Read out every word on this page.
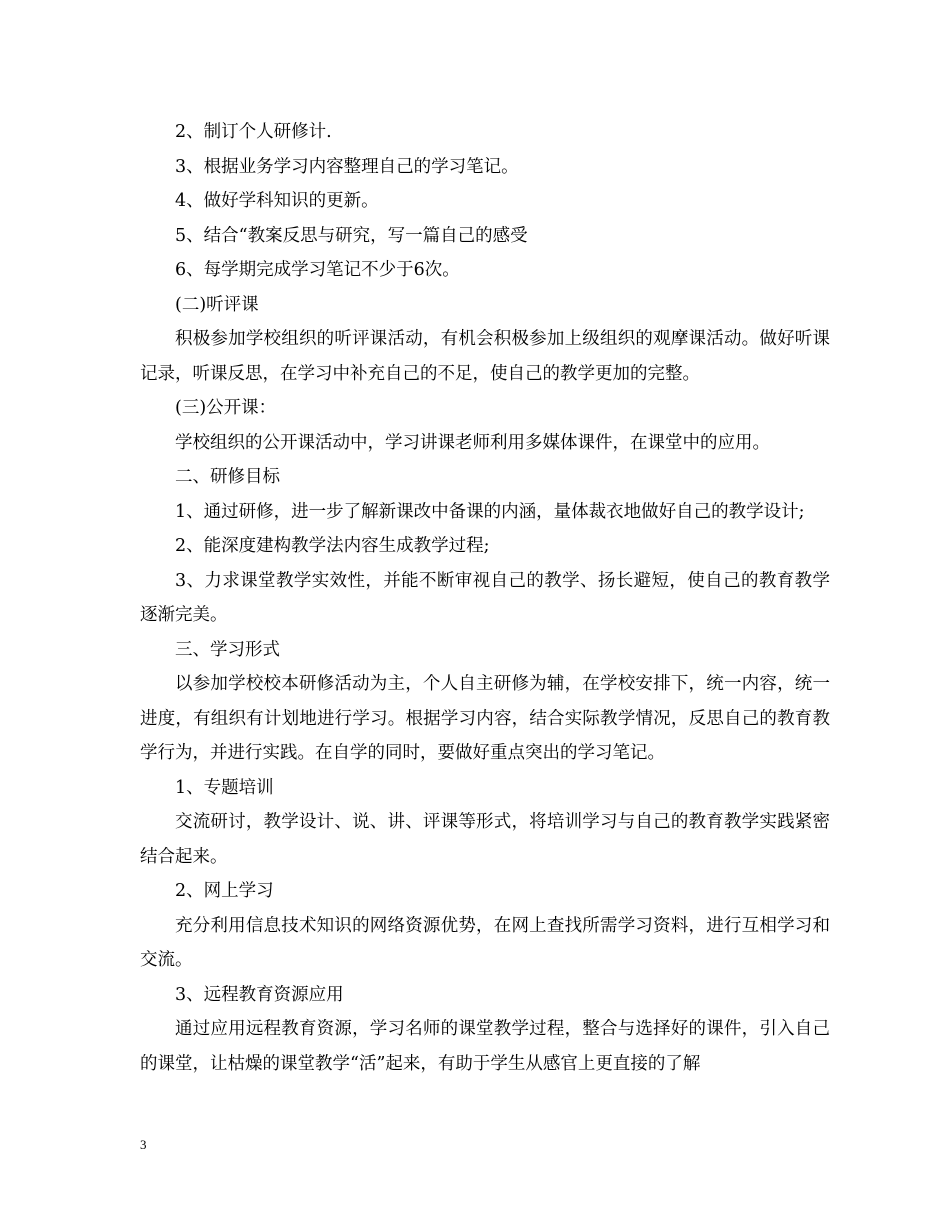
2、制订个人研修计.

3、根据业务学习内容整理自己的学习笔记。

4、做好学科知识的更新。

5、结合“教案反思与研究，写一篇自己的感受

6、每学期完成学习笔记不少于6次。

(二)听评课

积极参加学校组织的听评课活动，有机会积极参加上级组织的观摩课活动。做好听课记录，听课反思，在学习中补充自己的不足，使自己的教学更加的完整。

(三)公开课：

学校组织的公开课活动中，学习讲课老师利用多媒体课件，在课堂中的应用。

二、研修目标

1、通过研修，进一步了解新课改中备课的内涵，量体裁衣地做好自己的教学设计;

2、能深度建构教学法内容生成教学过程;

3、力求课堂教学实效性，并能不断审视自己的教学、扬长避短，使自己的教育教学逐渐完美。

三、学习形式

以参加学校校本研修活动为主，个人自主研修为辅，在学校安排下，统一内容，统一进度，有组织有计划地进行学习。根据学习内容，结合实际教学情况，反思自己的教育教学行为，并进行实践。在自学的同时，要做好重点突出的学习笔记。

1、专题培训

交流研讨，教学设计、说、讲、评课等形式，将培训学习与自己的教育教学实践紧密结合起来。

2、网上学习

充分利用信息技术知识的网络资源优势，在网上查找所需学习资料，进行互相学习和交流。

3、远程教育资源应用

通过应用远程教育资源，学习名师的课堂教学过程，整合与选择好的课件，引入自己的课堂，让枯燥的课堂教学“活”起来，有助于学生从感官上更直接的了解

3
